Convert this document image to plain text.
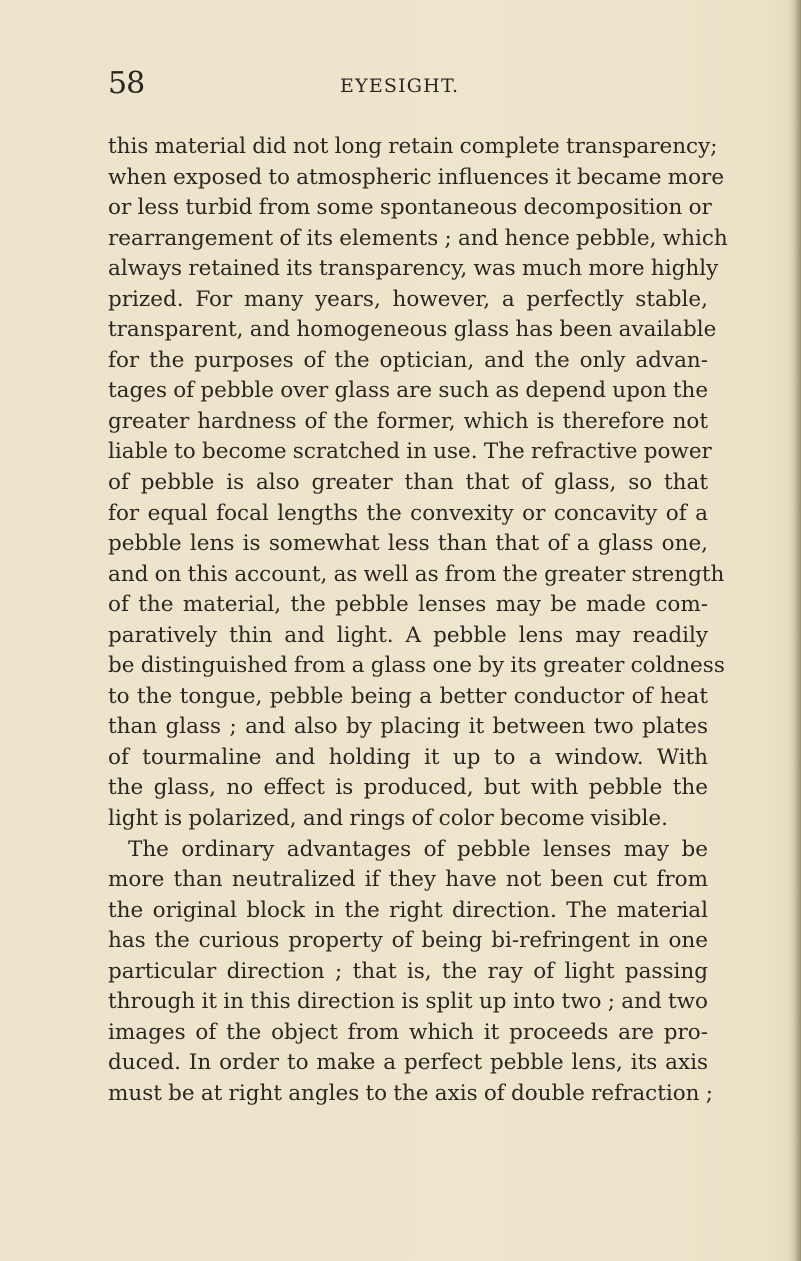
58	EYESIGHT.
this material did not long retain complete transparency;
when exposed to atmospheric influences it became more
or less turbid from some spontaneous decomposition or
rearrangement of its elements ; and hence pebble, which
always retained its transparency, was much more highly
prized. For many years, however, a perfectly stable,
transparent, and homogeneous glass has been available
for the purposes of the optician, and the only advan-
tages of pebble over glass are such as depend upon the
greater hardness of the former, which is therefore not
liable to become scratched in use. The refractive power
of pebble is also greater than that of glass, so that
for equal focal lengths the convexity or concavity of a
pebble lens is somewhat less than that of a glass one,
and on this account, as well as from the greater strength
of the material, the pebble lenses may be made com-
paratively thin and light. A pebble lens may readily
be distinguished from a glass one by its greater coldness
to the tongue, pebble being a better conductor of heat
than glass ; and also by placing it between two plates
of tourmaline and holding it up to a window. With
the glass, no effect is produced, but with pebble the
light is polarized, and rings of color become visible.
The ordinary advantages of pebble lenses may be
more than neutralized if they have not been cut from
the original block in the right direction. The material
has the curious property of being bi-refringent in one
particular direction ; that is, the ray of light passing
through it in this direction is split up into two ; and two
images of the object from which it proceeds are pro-
duced. In order to make a perfect pebble lens, its axis
must be at right angles to the axis of double refraction ;
